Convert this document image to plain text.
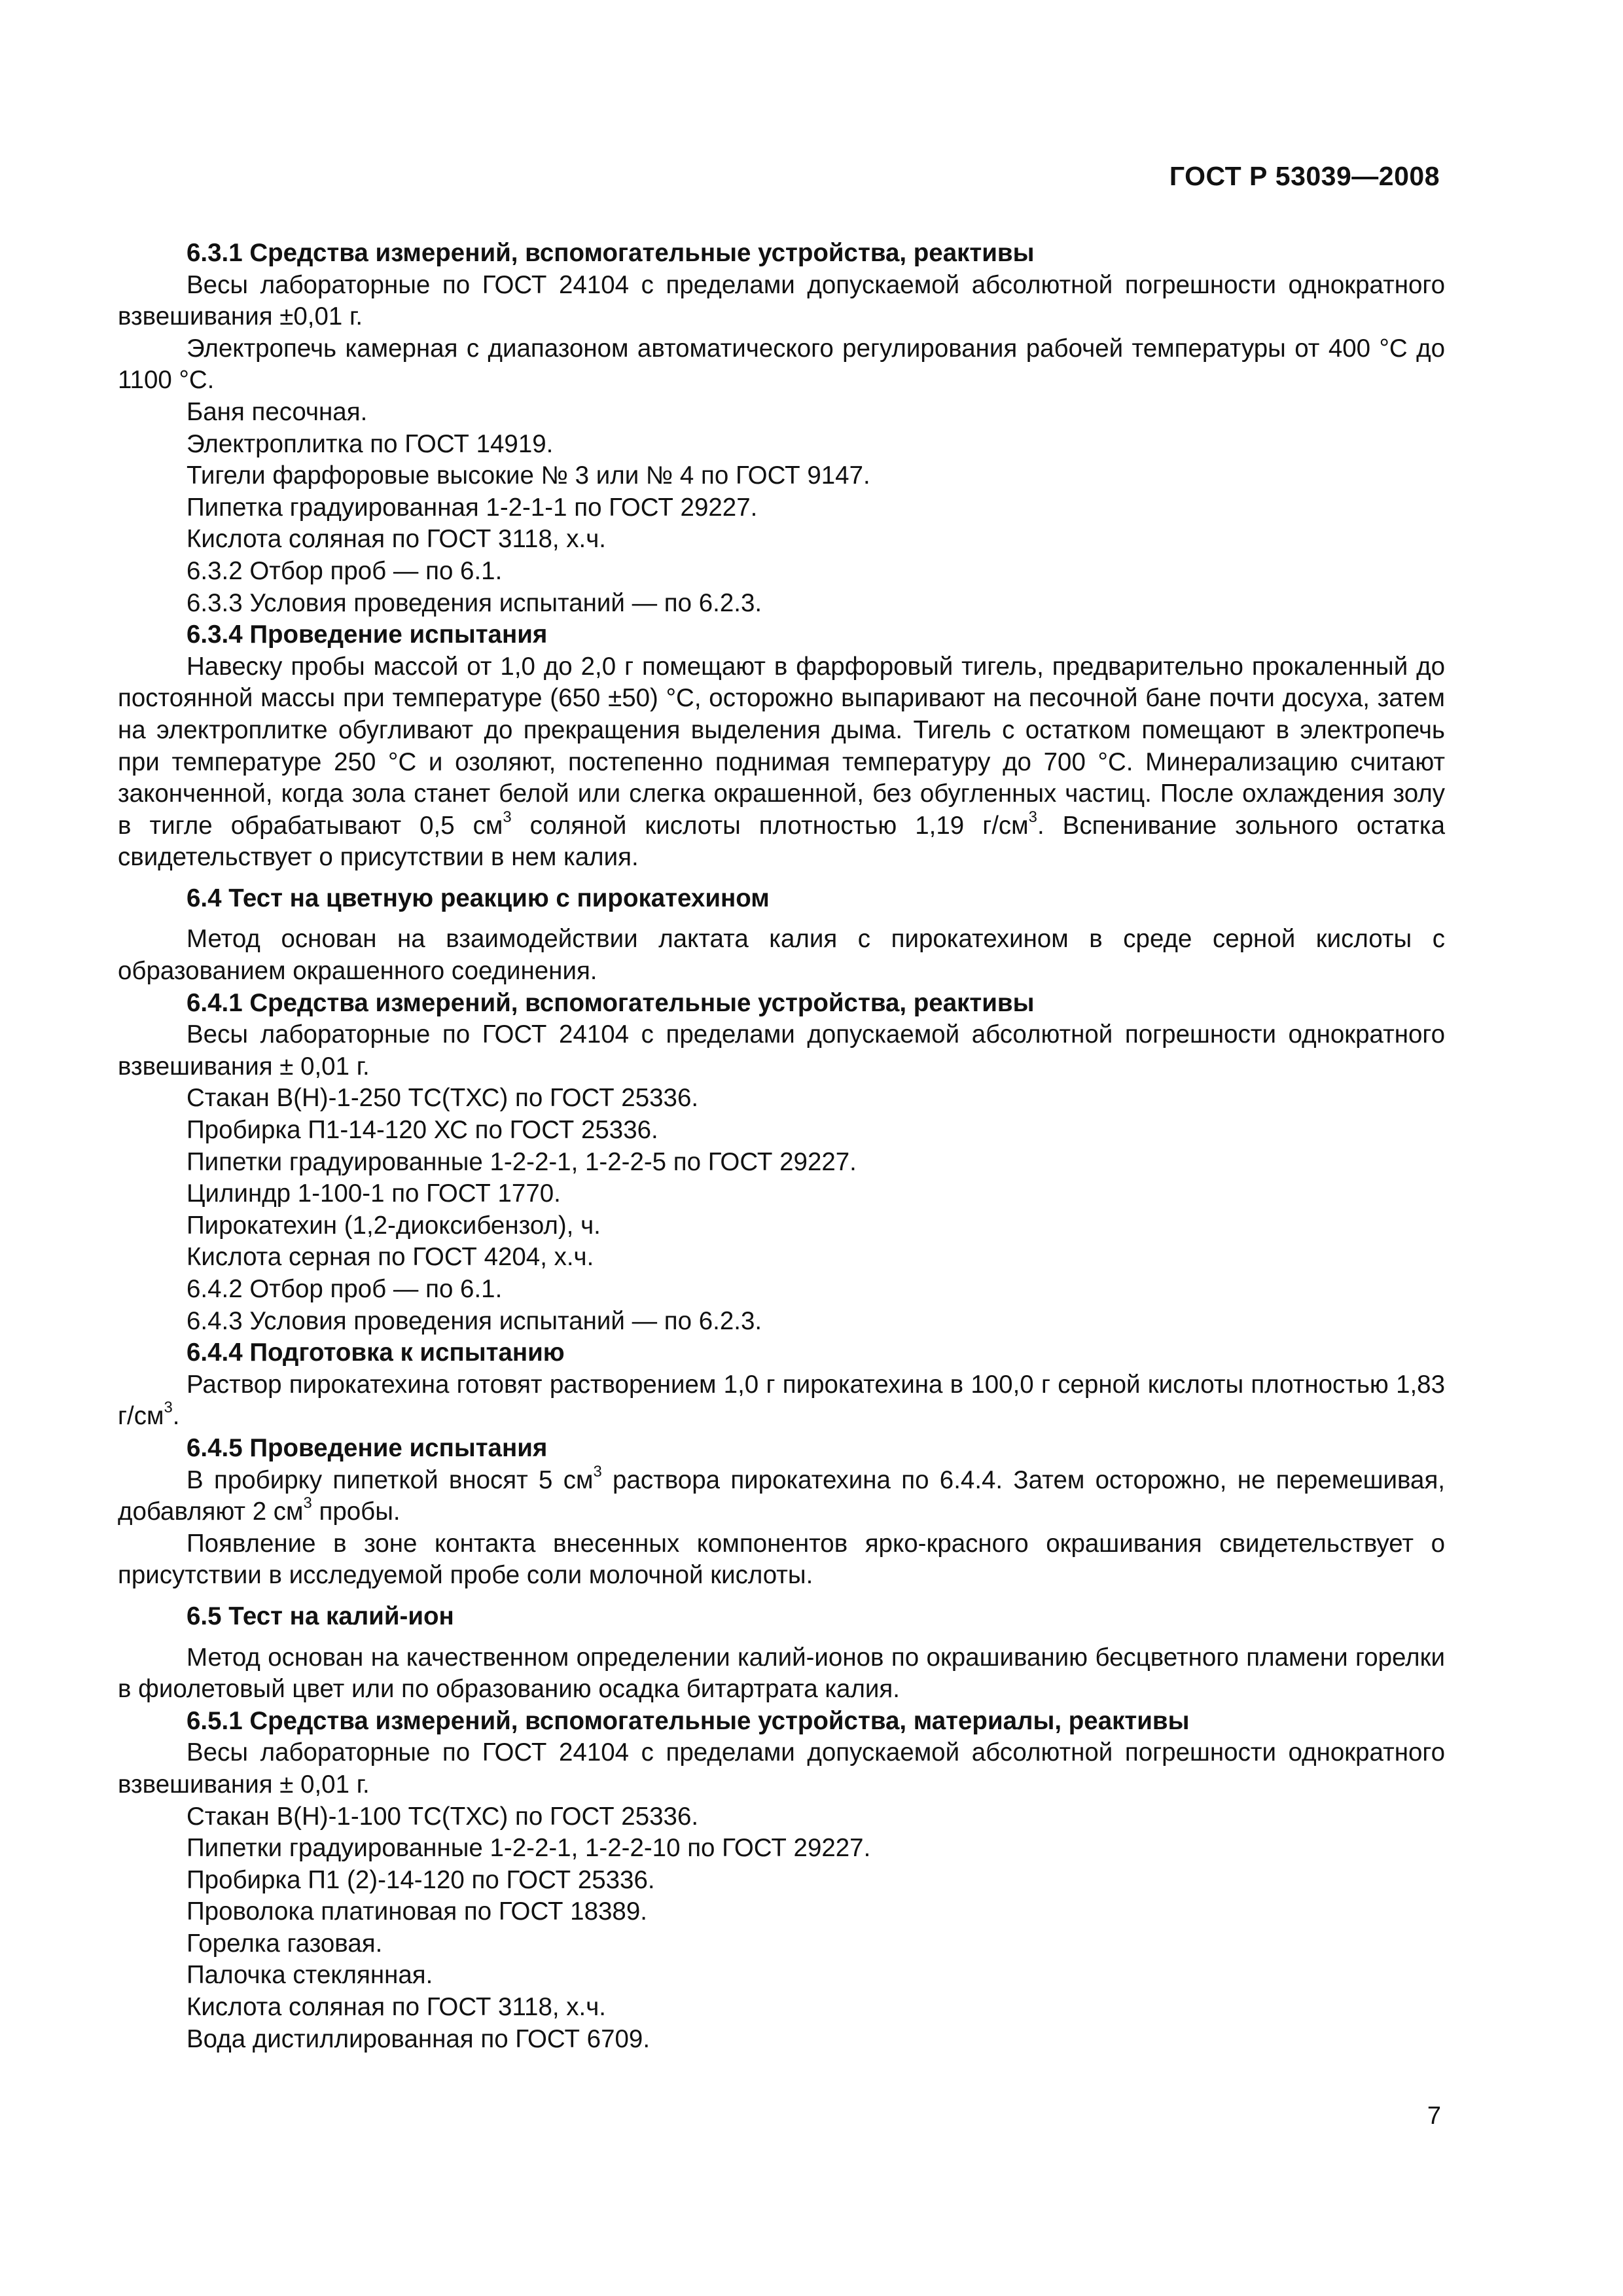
ГОСТ Р 53039—2008

6.3.1 Средства измерений, вспомогательные устройства, реактивы

Весы лабораторные по ГОСТ 24104 с пределами допускаемой абсолютной погрешности однократного взвешивания ±0,01 г.

Электропечь камерная с диапазоном автоматического регулирования рабочей температуры от 400 °С до 1100 °С.

Баня песочная.

Электроплитка по ГОСТ 14919.

Тигели фарфоровые высокие № 3 или № 4 по ГОСТ 9147.

Пипетка градуированная 1-2-1-1 по ГОСТ 29227.

Кислота соляная по ГОСТ 3118, х.ч.

6.3.2 Отбор проб — по 6.1.

6.3.3 Условия проведения испытаний — по 6.2.3.

6.3.4 Проведение испытания

Навеску пробы массой от 1,0 до 2,0 г помещают в фарфоровый тигель, предварительно прокаленный до постоянной массы при температуре (650 ±50) °С, осторожно выпаривают на песочной бане почти досуха, затем на электроплитке обугливают до прекращения выделения дыма. Тигель с остатком помещают в электропечь при температуре 250 °С и озоляют, постепенно поднимая температуру до 700 °С. Минерализацию считают законченной, когда зола станет белой или слегка окрашенной, без обугленных частиц. После охлаждения золу в тигле обрабатывают 0,5 $см^3$ соляной кислоты плотностью 1,19 $г/см^3$. Вспенивание зольного остатка свидетельствует о присутствии в нем калия.

6.4 Тест на цветную реакцию с пирокатехином

Метод основан на взаимодействии лактата калия с пирокатехином в среде серной кислоты с образованием окрашенного соединения.

6.4.1 Средства измерений, вспомогательные устройства, реактивы

Весы лабораторные по ГОСТ 24104 с пределами допускаемой абсолютной погрешности однократного взвешивания ± 0,01 г.

Стакан В(Н)-1-250 ТС(ТХС) по ГОСТ 25336.

Пробирка П1-14-120 ХС по ГОСТ 25336.

Пипетки градуированные 1-2-2-1, 1-2-2-5 по ГОСТ 29227.

Цилиндр 1-100-1 по ГОСТ 1770.

Пирокатехин (1,2-диоксибензол), ч.

Кислота серная по ГОСТ 4204, х.ч.

6.4.2 Отбор проб — по 6.1.

6.4.3 Условия проведения испытаний — по 6.2.3.

6.4.4 Подготовка к испытанию

Раствор пирокатехина готовят растворением 1,0 г пирокатехина в 100,0 г серной кислоты плотностью 1,83 $г/см^3$.

6.4.5 Проведение испытания

В пробирку пипеткой вносят 5 $см^3$ раствора пирокатехина по 6.4.4. Затем осторожно, не перемешивая, добавляют 2 $см^3$ пробы.

Появление в зоне контакта внесенных компонентов ярко-красного окрашивания свидетельствует о присутствии в исследуемой пробе соли молочной кислоты.

6.5 Тест на калий-ион

Метод основан на качественном определении калий-ионов по окрашиванию бесцветного пламени горелки в фиолетовый цвет или по образованию осадка битартрата калия.

6.5.1 Средства измерений, вспомогательные устройства, материалы, реактивы

Весы лабораторные по ГОСТ 24104 с пределами допускаемой абсолютной погрешности однократного взвешивания ± 0,01 г.

Стакан В(Н)-1-100 ТС(ТХС) по ГОСТ 25336.

Пипетки градуированные 1-2-2-1, 1-2-2-10 по ГОСТ 29227.

Пробирка П1 (2)-14-120 по ГОСТ 25336.

Проволока платиновая по ГОСТ 18389.

Горелка газовая.

Палочка стеклянная.

Кислота соляная по ГОСТ 3118, х.ч.

Вода дистиллированная по ГОСТ 6709.

7
